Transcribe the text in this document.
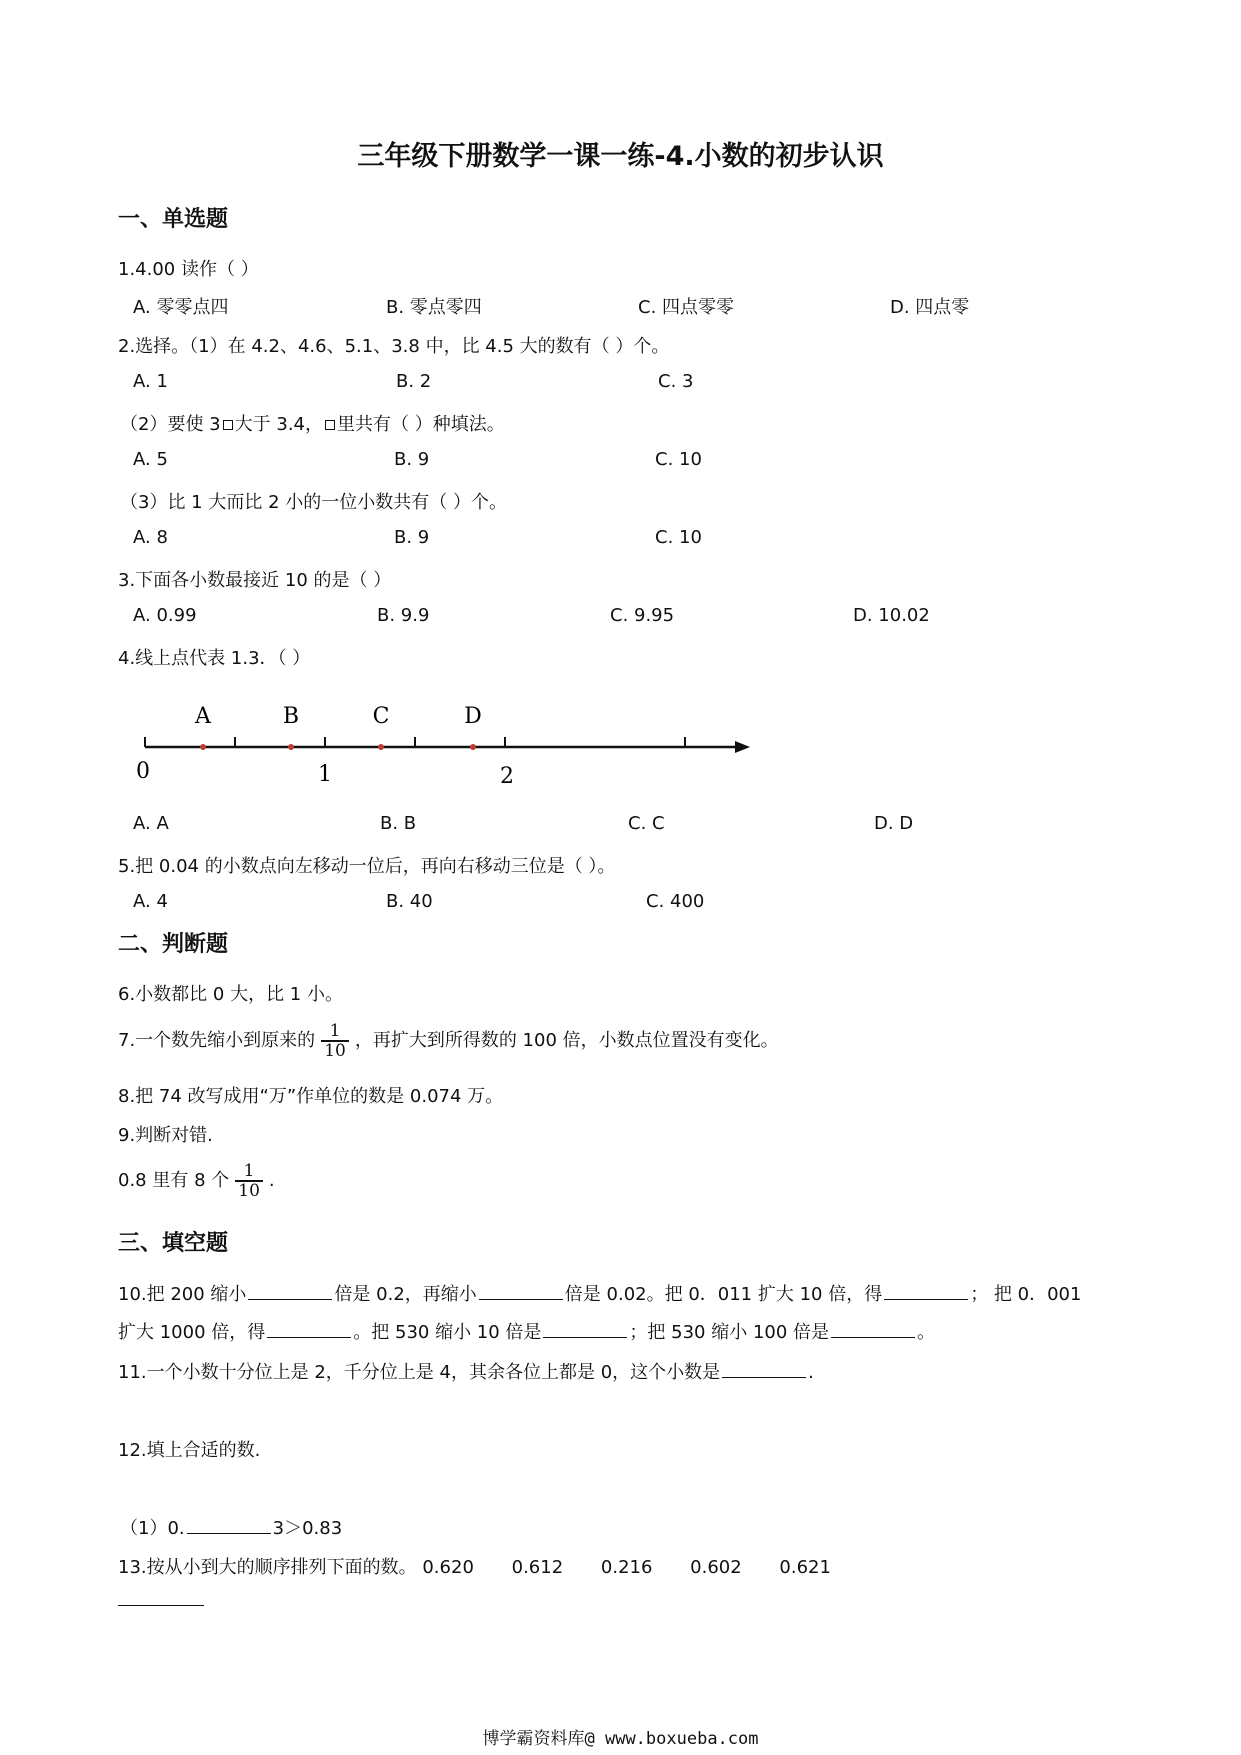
三年级下册数学一课一练-4.小数的初步认识
一、单选题
1.4.00 读作（ ）
A. 零零点四	B. 零点零四	C. 四点零零	D. 四点零
2.选择。（1）在 4.2、4.6、5.1、3.8 中，比 4.5 大的数有（ ）个。
A. 1	B. 2	C. 3
（2）要使 3 大于 3.4， 里共有（ ）种填法。
A. 5	B. 9	C. 10
（3）比 1 大而比 2 小的一位小数共有（ ）个。
A. 8	B. 9	C. 10
3.下面各小数最接近 10 的是（ ）
A. 0.99	B. 9.9	C. 9.95	D. 10.02
4.线上点代表 1.3．（ ）
A	B	C	D
0	1	2
A. A	B. B	C. C	D. D
5.把 0.04 的小数点向左移动一位后，再向右移动三位是（ ）。
A. 4	B. 40	C. 400
二、判断题
6.小数都比 0 大，比 1 小。
7.一个数先缩小到原来的 $\frac{1}{10}$ ，再扩大到所得数的 100 倍，小数点位置没有变化。
8.把 74 改写成用“万”作单位的数是 0.074 万。
9.判断对错.
0.8 里有 8 个 $\frac{1}{10}$ .
三、填空题
10.把 200 缩小	倍是 0.2，再缩小	倍是 0.02。把 0．011 扩大 10 倍，得	； 把 0．001
扩大 1000 倍，得	。把 530 缩小 10 倍是	；把 530 缩小 100 倍是	。
11.一个小数十分位上是 2，千分位上是 4，其余各位上都是 0，这个小数是	.
12.填上合适的数.
（1）0.	3＞0.83
13.按从小到大的顺序排列下面的数。 0.620 0.612 0.216 0.602 0.621
博学霸资料库@ www.boxueba.com
